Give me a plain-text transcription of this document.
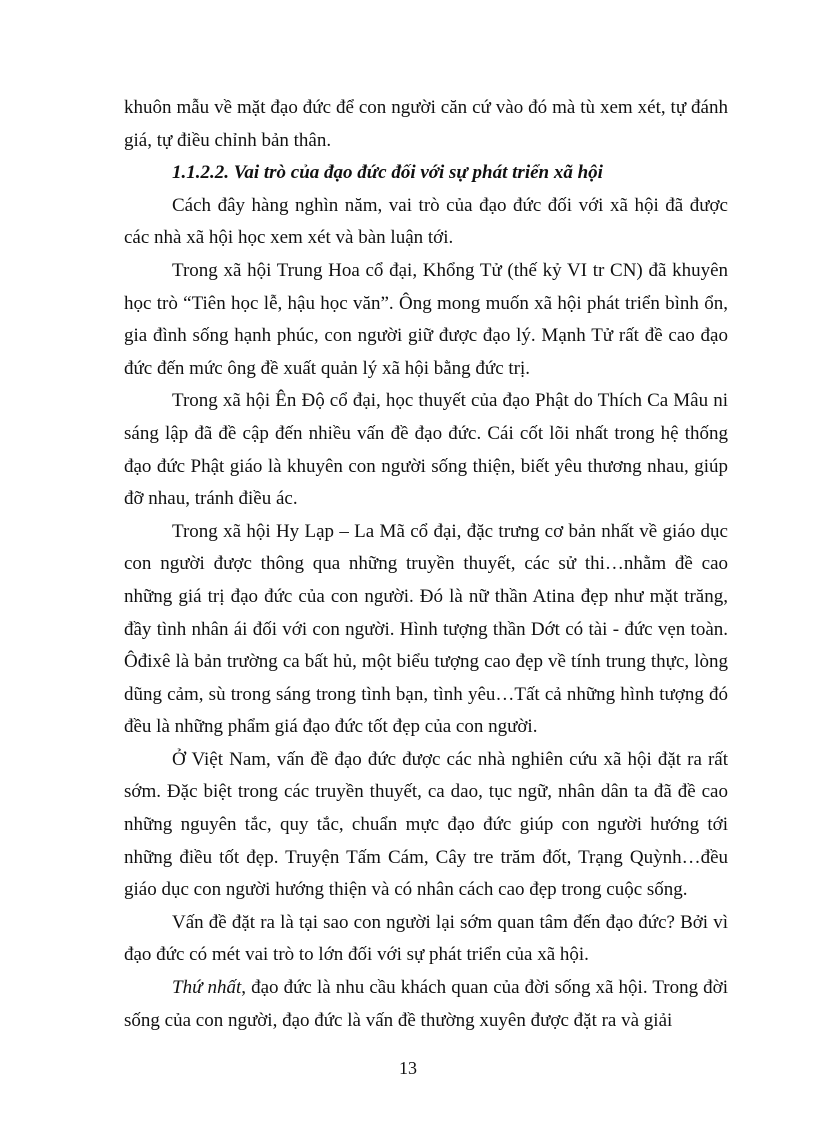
khuôn mẫu về mặt đạo đức để con người căn cứ vào đó mà tù xem xét, tự đánh giá, tự điều chỉnh bản thân.

1.1.2.2. Vai trò của đạo đức đối với sự phát triển xã hội

Cách đây hàng nghìn năm, vai trò của đạo đức đối với xã hội đã được các nhà xã hội học xem xét và bàn luận tới.

Trong xã hội Trung Hoa cổ đại, Khổng Tử (thế kỷ VI tr CN) đã khuyên học trò “Tiên học lễ, hậu học văn”. Ông mong muốn xã hội phát triển bình ổn, gia đình sống hạnh phúc, con người giữ được đạo lý. Mạnh Tử rất đề cao đạo đức đến mức ông đề xuất quản lý xã hội bằng đức trị.

Trong xã hội Ên Độ cổ đại, học thuyết của đạo Phật do Thích Ca Mâu ni sáng lập đã đề cập đến nhiều vấn đề đạo đức. Cái cốt lõi nhất trong hệ thống đạo đức Phật giáo là khuyên con người sống thiện, biết yêu thương nhau, giúp đỡ nhau, tránh điều ác.

Trong xã hội Hy Lạp – La Mã cổ đại, đặc trưng cơ bản nhất về giáo dục con người được thông qua những truyền thuyết, các sử thi…nhằm đề cao những giá trị đạo đức của con người. Đó là nữ thần Atina đẹp như mặt trăng, đầy tình nhân ái đối với con người. Hình tượng thần Dớt có tài - đức vẹn toàn. Ôđixê là bản trường ca bất hủ, một biểu tượng cao đẹp về tính trung thực, lòng dũng cảm, sù trong sáng trong tình bạn, tình yêu…Tất cả những hình tượng đó đều là những phẩm giá đạo đức tốt đẹp của con người.

Ở Việt Nam, vấn đề đạo đức được các nhà nghiên cứu xã hội đặt ra rất sớm. Đặc biệt trong các truyền thuyết, ca dao, tục ngữ, nhân dân ta đã đề cao những nguyên tắc, quy tắc, chuẩn mực đạo đức giúp con người hướng tới những điều tốt đẹp. Truyện Tấm Cám, Cây tre trăm đốt, Trạng Quỳnh…đều giáo dục con người hướng thiện và có nhân cách cao đẹp trong cuộc sống.

Vấn đề đặt ra là tại sao con người lại sớm quan tâm đến đạo đức? Bởi vì đạo đức có mét vai trò to lớn đối với sự phát triển của xã hội.

Thứ nhất, đạo đức là nhu cầu khách quan của đời sống xã hội. Trong đời sống của con người, đạo đức là vấn đề thường xuyên được đặt ra và giải

13
